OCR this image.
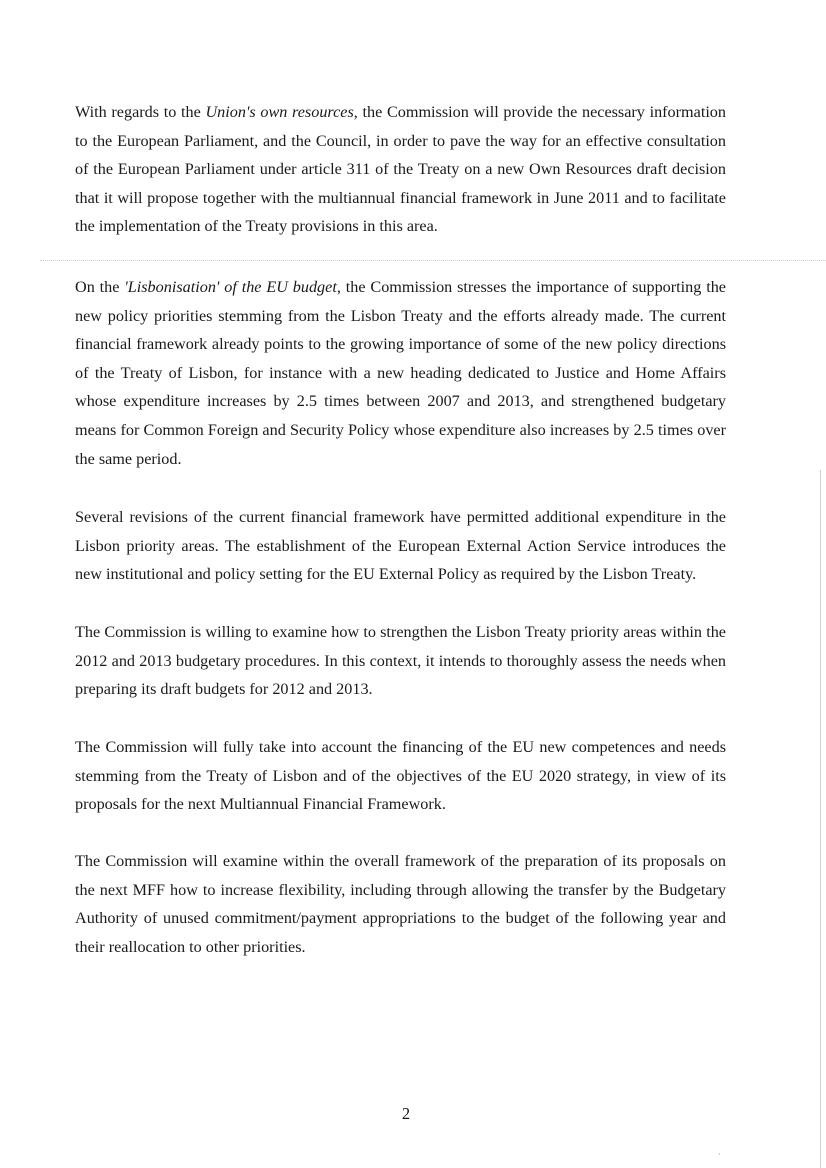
With regards to the Union's own resources, the Commission will provide the necessary information to the European Parliament, and the Council, in order to pave the way for an effective consultation of the European Parliament under article 311 of the Treaty on a new Own Resources draft decision that it will propose together with the multiannual financial framework in June 2011 and to facilitate the implementation of the Treaty provisions in this area.

On the 'Lisbonisation' of the EU budget, the Commission stresses the importance of supporting the new policy priorities stemming from the Lisbon Treaty and the efforts already made. The current financial framework already points to the growing importance of some of the new policy directions of the Treaty of Lisbon, for instance with a new heading dedicated to Justice and Home Affairs whose expenditure increases by 2.5 times between 2007 and 2013, and strengthened budgetary means for Common Foreign and Security Policy whose expenditure also increases by 2.5 times over the same period.

Several revisions of the current financial framework have permitted additional expenditure in the Lisbon priority areas. The establishment of the European External Action Service introduces the new institutional and policy setting for the EU External Policy as required by the Lisbon Treaty.

The Commission is willing to examine how to strengthen the Lisbon Treaty priority areas within the 2012 and 2013 budgetary procedures. In this context, it intends to thoroughly assess the needs when preparing its draft budgets for 2012 and 2013.

The Commission will fully take into account the financing of the EU new competences and needs stemming from the Treaty of Lisbon and of the objectives of the EU 2020 strategy, in view of its proposals for the next Multiannual Financial Framework.

The Commission will examine within the overall framework of the preparation of its proposals on the next MFF how to increase flexibility, including through allowing the transfer by the Budgetary Authority of unused commitment/payment appropriations to the budget of the following year and their reallocation to other priorities.

2
·
